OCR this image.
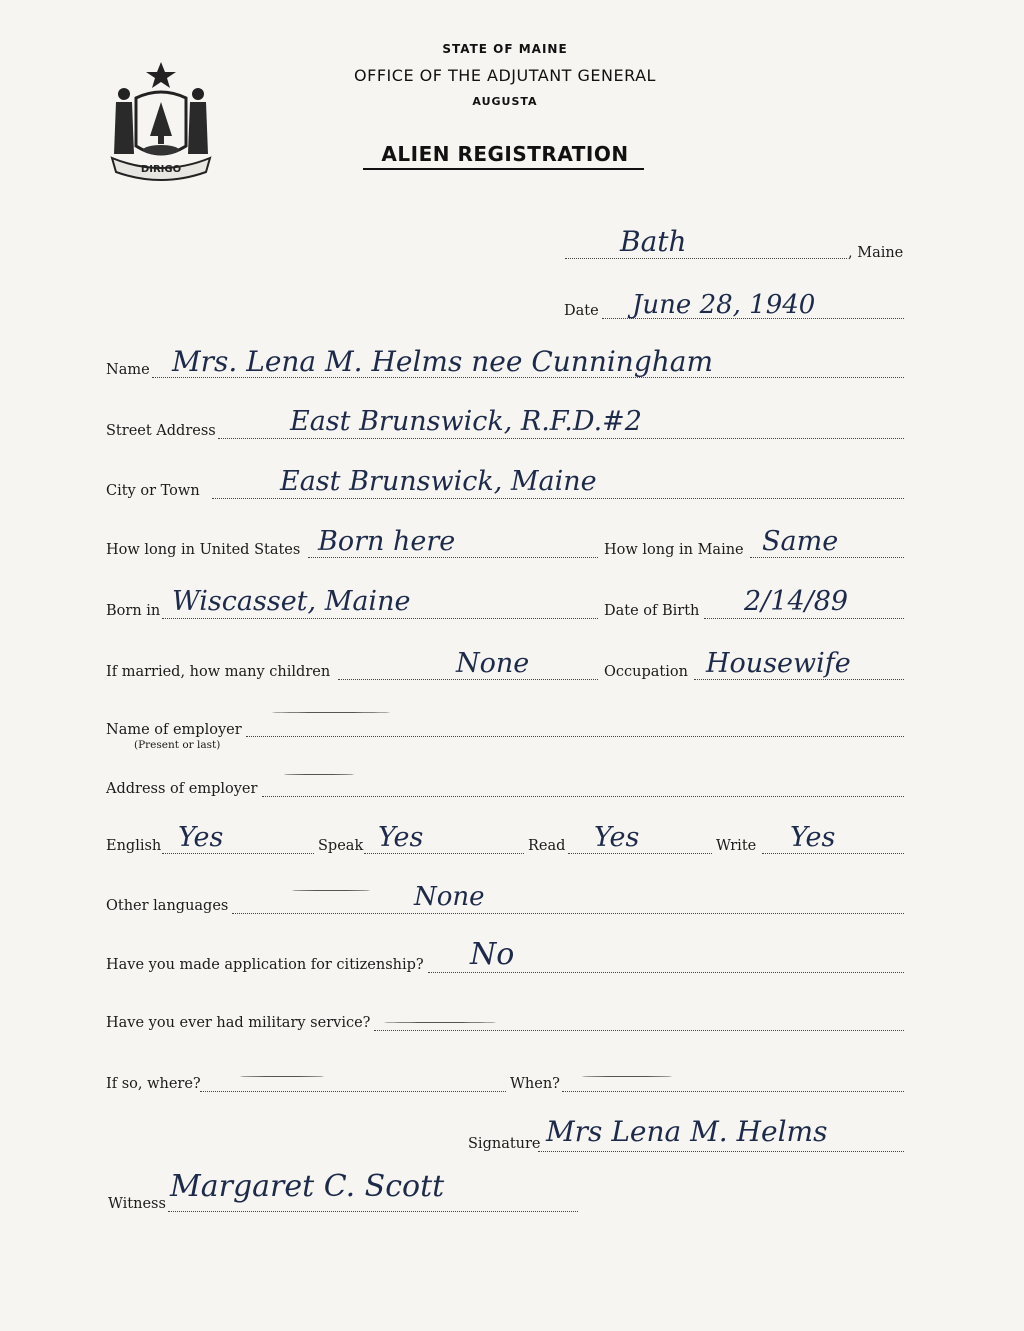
DIRIGO
STATE OF MAINE
OFFICE OF THE ADJUTANT GENERAL
AUGUSTA
ALIEN REGISTRATION
Bath	, Maine
Date June 28, 1940
Name Mrs. Lena M. Helms nee Cunningham
Street Address	East Brunswick, R.F.D.#2
City or Town	East Brunswick, Maine
How long in United States Born here	How long in Maine Same
Born in Wiscasset, Maine	Date of Birth 2/14/89
If married, how many children	None	Occupation Housewife
Name of employer
(Present or last)
Address of employer
English Yes	Speak Yes	Read Yes	Write Yes
Other languages	None
Have you made application for citizenship? No
Have you ever had military service?
If so, where?	When?
Signature Mrs Lena M. Helms
Witness Margaret C. Scott
